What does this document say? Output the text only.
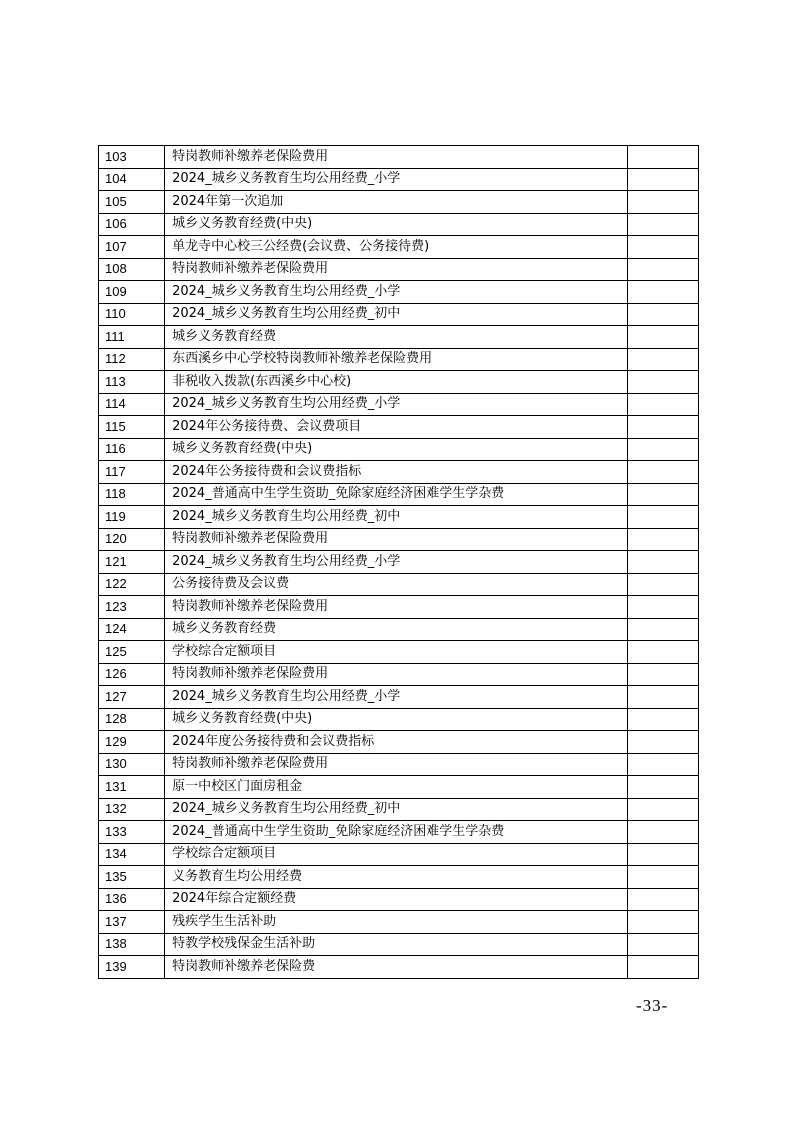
103	特岗教师补缴养老保险费用	
104	2024_城乡义务教育生均公用经费_小学	
105	2024年第一次追加	
106	城乡义务教育经费(中央)	
107	单龙寺中心校三公经费(会议费、公务接待费)	
108	特岗教师补缴养老保险费用	
109	2024_城乡义务教育生均公用经费_小学	
110	2024_城乡义务教育生均公用经费_初中	
111	城乡义务教育经费	
112	东西溪乡中心学校特岗教师补缴养老保险费用	
113	非税收入拨款(东西溪乡中心校)	
114	2024_城乡义务教育生均公用经费_小学	
115	2024年公务接待费、会议费项目	
116	城乡义务教育经费(中央)	
117	2024年公务接待费和会议费指标	
118	2024_普通高中生学生资助_免除家庭经济困难学生学杂费	
119	2024_城乡义务教育生均公用经费_初中	
120	特岗教师补缴养老保险费用	
121	2024_城乡义务教育生均公用经费_小学	
122	公务接待费及会议费	
123	特岗教师补缴养老保险费用	
124	城乡义务教育经费	
125	学校综合定额项目	
126	特岗教师补缴养老保险费用	
127	2024_城乡义务教育生均公用经费_小学	
128	城乡义务教育经费(中央)	
129	2024年度公务接待费和会议费指标	
130	特岗教师补缴养老保险费用	
131	原一中校区门面房租金	
132	2024_城乡义务教育生均公用经费_初中	
133	2024_普通高中生学生资助_免除家庭经济困难学生学杂费	
134	学校综合定额项目	
135	义务教育生均公用经费	
136	2024年综合定额经费	
137	残疾学生生活补助	
138	特教学校残保金生活补助	
139	特岗教师补缴养老保险费	
-33-
